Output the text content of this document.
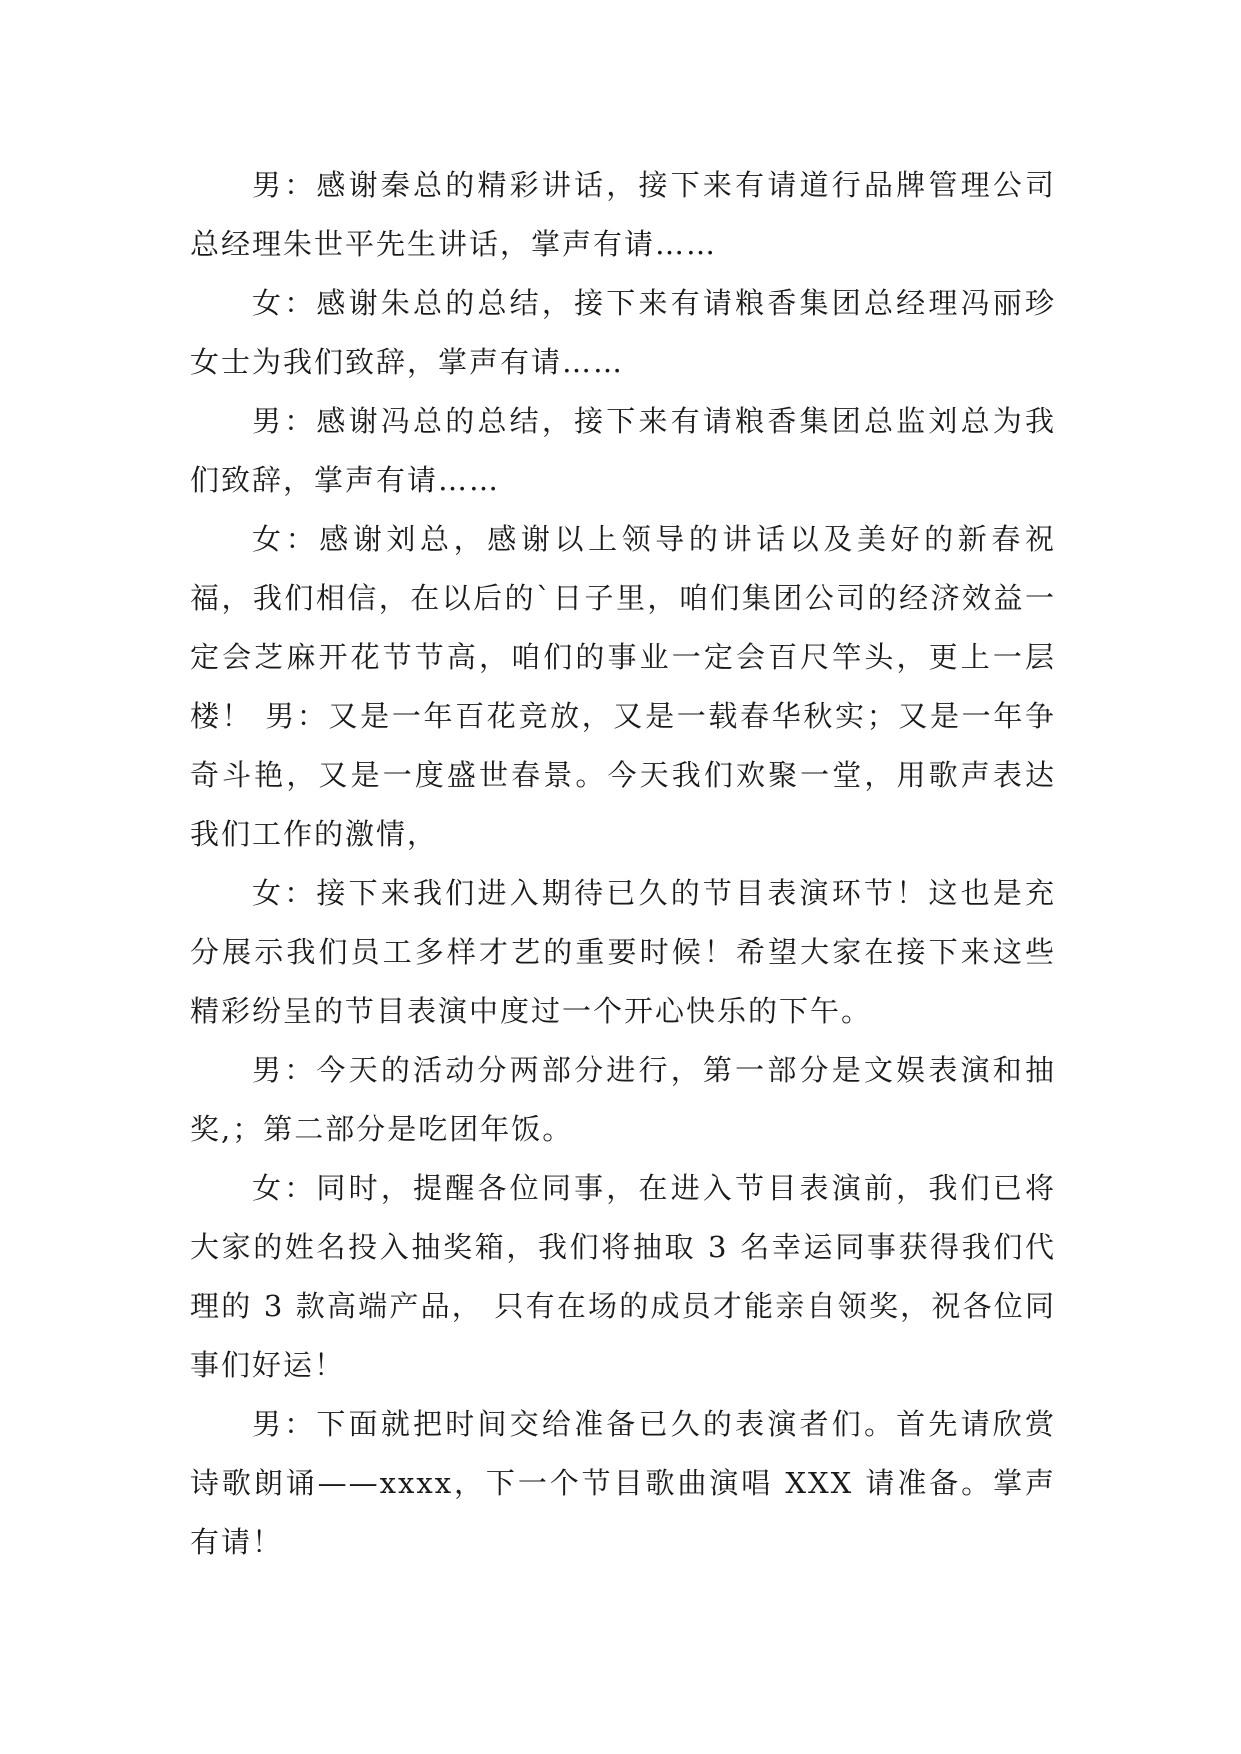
男：感谢秦总的精彩讲话，接下来有请道行品牌管理公司总经理朱世平先生讲话，掌声有请……

女：感谢朱总的总结，接下来有请粮香集团总经理冯丽珍女士为我们致辞，掌声有请……

男：感谢冯总的总结，接下来有请粮香集团总监刘总为我们致辞，掌声有请……

女：感谢刘总，感谢以上领导的讲话以及美好的新春祝福，我们相信，在以后的`日子里，咱们集团公司的经济效益一定会芝麻开花节节高，咱们的事业一定会百尺竿头，更上一层楼！ 男：又是一年百花竞放，又是一载春华秋实；又是一年争奇斗艳，又是一度盛世春景。今天我们欢聚一堂，用歌声表达我们工作的激情，

女：接下来我们进入期待已久的节目表演环节！这也是充分展示我们员工多样才艺的重要时候！希望大家在接下来这些精彩纷呈的节目表演中度过一个开心快乐的下午。

男：今天的活动分两部分进行，第一部分是文娱表演和抽奖,；第二部分是吃团年饭。

女：同时，提醒各位同事，在进入节目表演前，我们已将大家的姓名投入抽奖箱，我们将抽取 3 名幸运同事获得我们代理的 3 款高端产品， 只有在场的成员才能亲自领奖，祝各位同事们好运！

男：下面就把时间交给准备已久的表演者们。首先请欣赏诗歌朗诵——xxxx，下一个节目歌曲演唱 XXX 请准备。掌声有请！
